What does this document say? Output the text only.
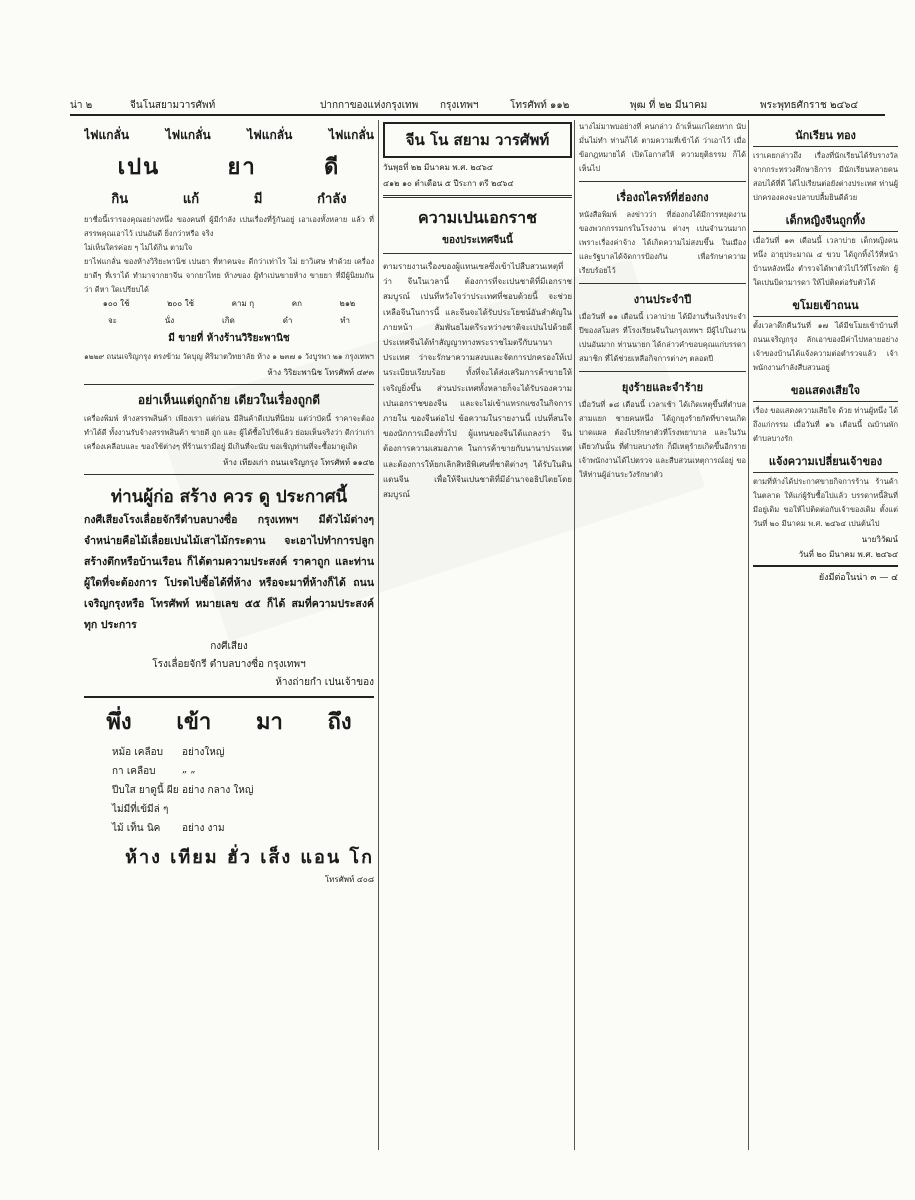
น่า ๒	จีนโนสยามวารศัพท์	ปากกาของแห่งกรุงเทพ กรุงเทพฯ	โทรศัพท์ ๑๑๒	พุฒ ที่ ๒๒ มีนาคม	พระพุทธศักราช ๒๔๖๔
ไฟแกลั่น	ไฟแกลั่น	ไฟแกลั่น	ไฟแกลั่น
เปน	ยา	ดี
กิน	แก้	มี	กำลัง

ยาชื่อนี้เรารองคุณอย่างหนึ่ง ของคนที่ ผู้มีกำลัง เปนเรื่องที่รู้กันอยู่ เอาเองทั้งหลาย แล้ว ที่สรรพคุณเอาไว้ เปนอันดี ยิ่งกว่าหรือ จริง

ไม่เห็นใครค่อย ๆ ไม่ได้กิน ตามใจ

ยาไฟแกลั่น ของห้างวิริยะพานิช เปนยา ที่หาคนจะ ดีกว่าเท่าไร ไม่ ยาวิเศษ ทำด้วย เครื่องยาดีๆ ที่เราได้ ทำมาจากยาจีน จากยาไทย ห้างของ ผู้ทำเปนขายห้าง ขายยา ที่มีผู้นิยมกันว่า ดีหา ใดเปรียบได้

๑๐๐ ใช้	๒๐๐ ใช้	คาม กุ	คก	๒๑๒
จะ	นั่ง	เกิด	ดำ	ทำ
มี ขายที่ ห้างร้านวิริยะพานิช

๑๒๒๙ ถนนเจริญกรุง ตรงข้าม วัดบุญ ศิริมาตวิทยาลัย ห้าง ๑ ๒๓๗ ๑ วังบูรพา ๒๑ กรุงเทพฯ

ห้าง วิริยะพานิช โทรศัพท์ ๔๙๓
อย่าเห็นแต่ถูกถ้าย เดียวในเรื่องถูกดี

เครื่องพิมพ์ ห้างสรรพสินค้า เพียงเรา แต่ก่อน มีสินค้าดีเปนที่นิยม แต่ว่าบัดนี้ ราคาจะต้องทำได้ดี ทั้งงานรับจ้างสรรพสินค้า ขายดี ถูก และ ผู้ได้ซื้อไปใช้แล้ว ย่อมเห็นจริงว่า ดีกว่าเก่า เครื่องเคลือบและ ของใช้ต่างๆ ที่ร้านเรามีอยู่ มีเกินที่จะนับ ขอเชิญท่านที่จะซื้อมาดูเถิด

ห้าง เทียงเก่า ถนนเจริญกรุง โทรศัพท์ ๑๑๔๒
ท่านผู้ก่อ สร้าง ควร ดู ประกาศนี้

กงศีเสียงโรงเลื่อยจักรีตำบลบางซื่อ กรุงเทพฯ มีตัวไม้ต่างๆ จำหน่ายคือไม้เลื่อยเปนไม้เสาไม้กระดาน จะเอาไปทำการปลูกสร้างตึกหรือบ้านเรือน ก็ได้ตามความประสงค์ ราคาถูก และท่านผู้ใดที่จะต้องการ โปรดไปซื้อได้ที่ห้าง หรือจะมาที่ห้างก็ได้ ถนนเจริญกรุงหรือ โทรศัพท์ หมายเลข ๕๕ ก็ได้ สมที่ความประสงค์ทุก ประการ

กงศีเสียง
โรงเลื่อยจักรี ตำบลบางซื่อ กรุงเทพฯ
ห้างถ่ายกำ เปนเจ้าของ
พึ่ง เข้า มา ถึง
หม้อ เคลือบ	อย่างใหญ่
กา เคลือบ	„ „
ปีบใส ยาดูนี้ ผีย อย่าง กลาง ใหญ่
ไม่มีที่เข้มีล่ ๆ
ไม้ เท็น นิค	อย่าง งาม
ห้าง เทียม ฮั่ว เส็ง แอน โก
โทรศัพท์ ๔๐๘
จีน โน สยาม วารศัพท์
วันพุธที่ ๒๒ มีนาคม พ.ศ. ๒๔๖๔
๔๑๒ ๑๐ ตำเดือน ๕ ปีระกา ตรี ๒๔๖๔
ความเปนเอกราช
ของประเทศจีนนี้

ตามรายงานเรื่องของผู้แทนเซลซึ่งเข้าไปสืบสวนเหตุที่ว่า จีนในเวลานี้ ต้องการที่จะเปนชาติที่มีเอกราชสมบูรณ์ เปนที่หวังใจว่าประเทศที่ชอบด้วยนี้ จะช่วยเหลือจีนในการนี้ และจีนจะได้รับประโยชน์อันสำคัญในภายหน้า สัมพันธไมตรีระหว่างชาติจะเปนไปด้วยดี ประเทศจีนได้ทำสัญญาทางพระราชไมตรีกับนานาประเทศ ว่าจะรักษาความสงบและจัดการปกครองให้เปนระเบียบเรียบร้อย ทั้งที่จะได้ส่งเสริมการค้าขายให้เจริญยิ่งขึ้น ส่วนประเทศทั้งหลายก็จะได้รับรองความเปนเอกราชของจีน และจะไม่เข้าแทรกแซงในกิจการภายใน ของจีนต่อไป ข้อความในรายงานนี้ เปนที่สนใจของนักการเมืองทั่วไป ผู้แทนของจีนได้แถลงว่า จีนต้องการความเสมอภาค ในการค้าขายกับนานาประเทศ และต้องการให้ยกเลิกสิทธิพิเศษที่ชาติต่างๆ ได้รับในดินแดนจีน เพื่อให้จีนเปนชาติที่มีอำนาจอธิปไตยโดยสมบูรณ์

นางไม่มาพบอย่างที่ คนกล่าว ถ้าเห็นแก่ไดยหาก นับมั่นไม่ทำ ท่านก็ได้ ตามความที่เข้าได้ ว่าเอาไว้ เมื่อข้อกฎหมายได้ เปิดโอกาสให้ ความยุติธรรม ก็ได้เห็นไป

เรื่องถไครท์ที่ฮ่องกง

หนังสือพิมพ์ ลงข่าวว่า ที่ฮ่องกงได้มีการหยุดงาน ของพวกกรรมกรในโรงงาน ต่างๆ เปนจำนวนมาก เพราะเรื่องค่าจ้าง ได้เกิดความไม่สงบขึ้น ในเมือง และรัฐบาลได้จัดการป้องกัน เพื่อรักษาความเรียบร้อยไว้

งานประจำปี

เมื่อวันที่ ๑๑ เดือนนี้ เวลาบ่าย ได้มีงานรื่นเริงประจำปีของสโมสร ที่โรงเรียนจีนในกรุงเทพฯ มีผู้ไปในงานเปนอันมาก ท่านนายก ได้กล่าวคำขอบคุณแก่บรรดาสมาชิก ที่ได้ช่วยเหลือกิจการต่างๆ ตลอดปี

ยุงร้ายและจำร้าย

เมื่อวันที่ ๑๘ เดือนนี้ เวลาเช้า ได้เกิดเหตุขึ้นที่ตำบลสามแยก ชายคนหนึ่ง ได้ถูกยุงร้ายกัดที่ขาจนเกิดบาดแผล ต้องไปรักษาตัวที่โรงพยาบาล และในวันเดียวกันนั้น ที่ตำบลบางรัก ก็มีเหตุร้ายเกิดขึ้นอีกราย เจ้าพนักงานได้ไปตรวจ และสืบสวนเหตุการณ์อยู่ ขอให้ท่านผู้อ่านระวังรักษาตัว

นักเรียน ทอง

เราเคยกล่าวถึง เรื่องที่นักเรียนได้รับรางวัลจากกระทรวงศึกษาธิการ มีนักเรียนหลายคนสอบได้ที่ดี ได้ไปเรียนต่อยังต่างประเทศ ท่านผู้ปกครองคงจะปลาบปลื้มยินดีด้วย

เด็กหญิงจีนถูกทิ้ง

เมื่อวันที่ ๑๓ เดือนนี้ เวลาบ่าย เด็กหญิงคนหนึ่ง อายุประมาณ ๔ ขวบ ได้ถูกทิ้งไว้ที่หน้าบ้านหลังหนึ่ง ตำรวจได้พาตัวไปไว้ที่โรงพัก ผู้ใดเปนบิดามารดา ให้ไปติดต่อรับตัวได้

ขโมยเข้าถนน

ตั้งเวลาดึกคืนวันที่ ๑๗ ได้มีขโมยเข้าบ้านที่ถนนเจริญกรุง ลักเอาของมีค่าไปหลายอย่าง เจ้าของบ้านได้แจ้งความต่อตำรวจแล้ว เจ้าพนักงานกำลังสืบสวนอยู่

ขอแสดงเสียใจ

เรื่อง ขอแสดงความเสียใจ ด้วย ท่านผู้หนึ่ง ได้ถึงแก่กรรม เมื่อวันที่ ๑๖ เดือนนี้ ณบ้านพัก ตำบลบางรัก

แจ้งความเปลี่ยนเจ้าของ

ตามที่ห้างได้ประกาศขายกิจการร้าน ร้านค้าในตลาด ให้แก่ผู้รับซื้อไปแล้ว บรรดาหนี้สินที่มีอยู่เดิม ขอให้ไปติดต่อกับเจ้าของเดิม ตั้งแต่วันที่ ๒๐ มีนาคม พ.ศ. ๒๔๖๔ เปนต้นไป

นายวิวัฒน์
วันที่ ๒๐ มีนาคม พ.ศ. ๒๔๖๔
ยังมีต่อในน่า ๓ — ๔
